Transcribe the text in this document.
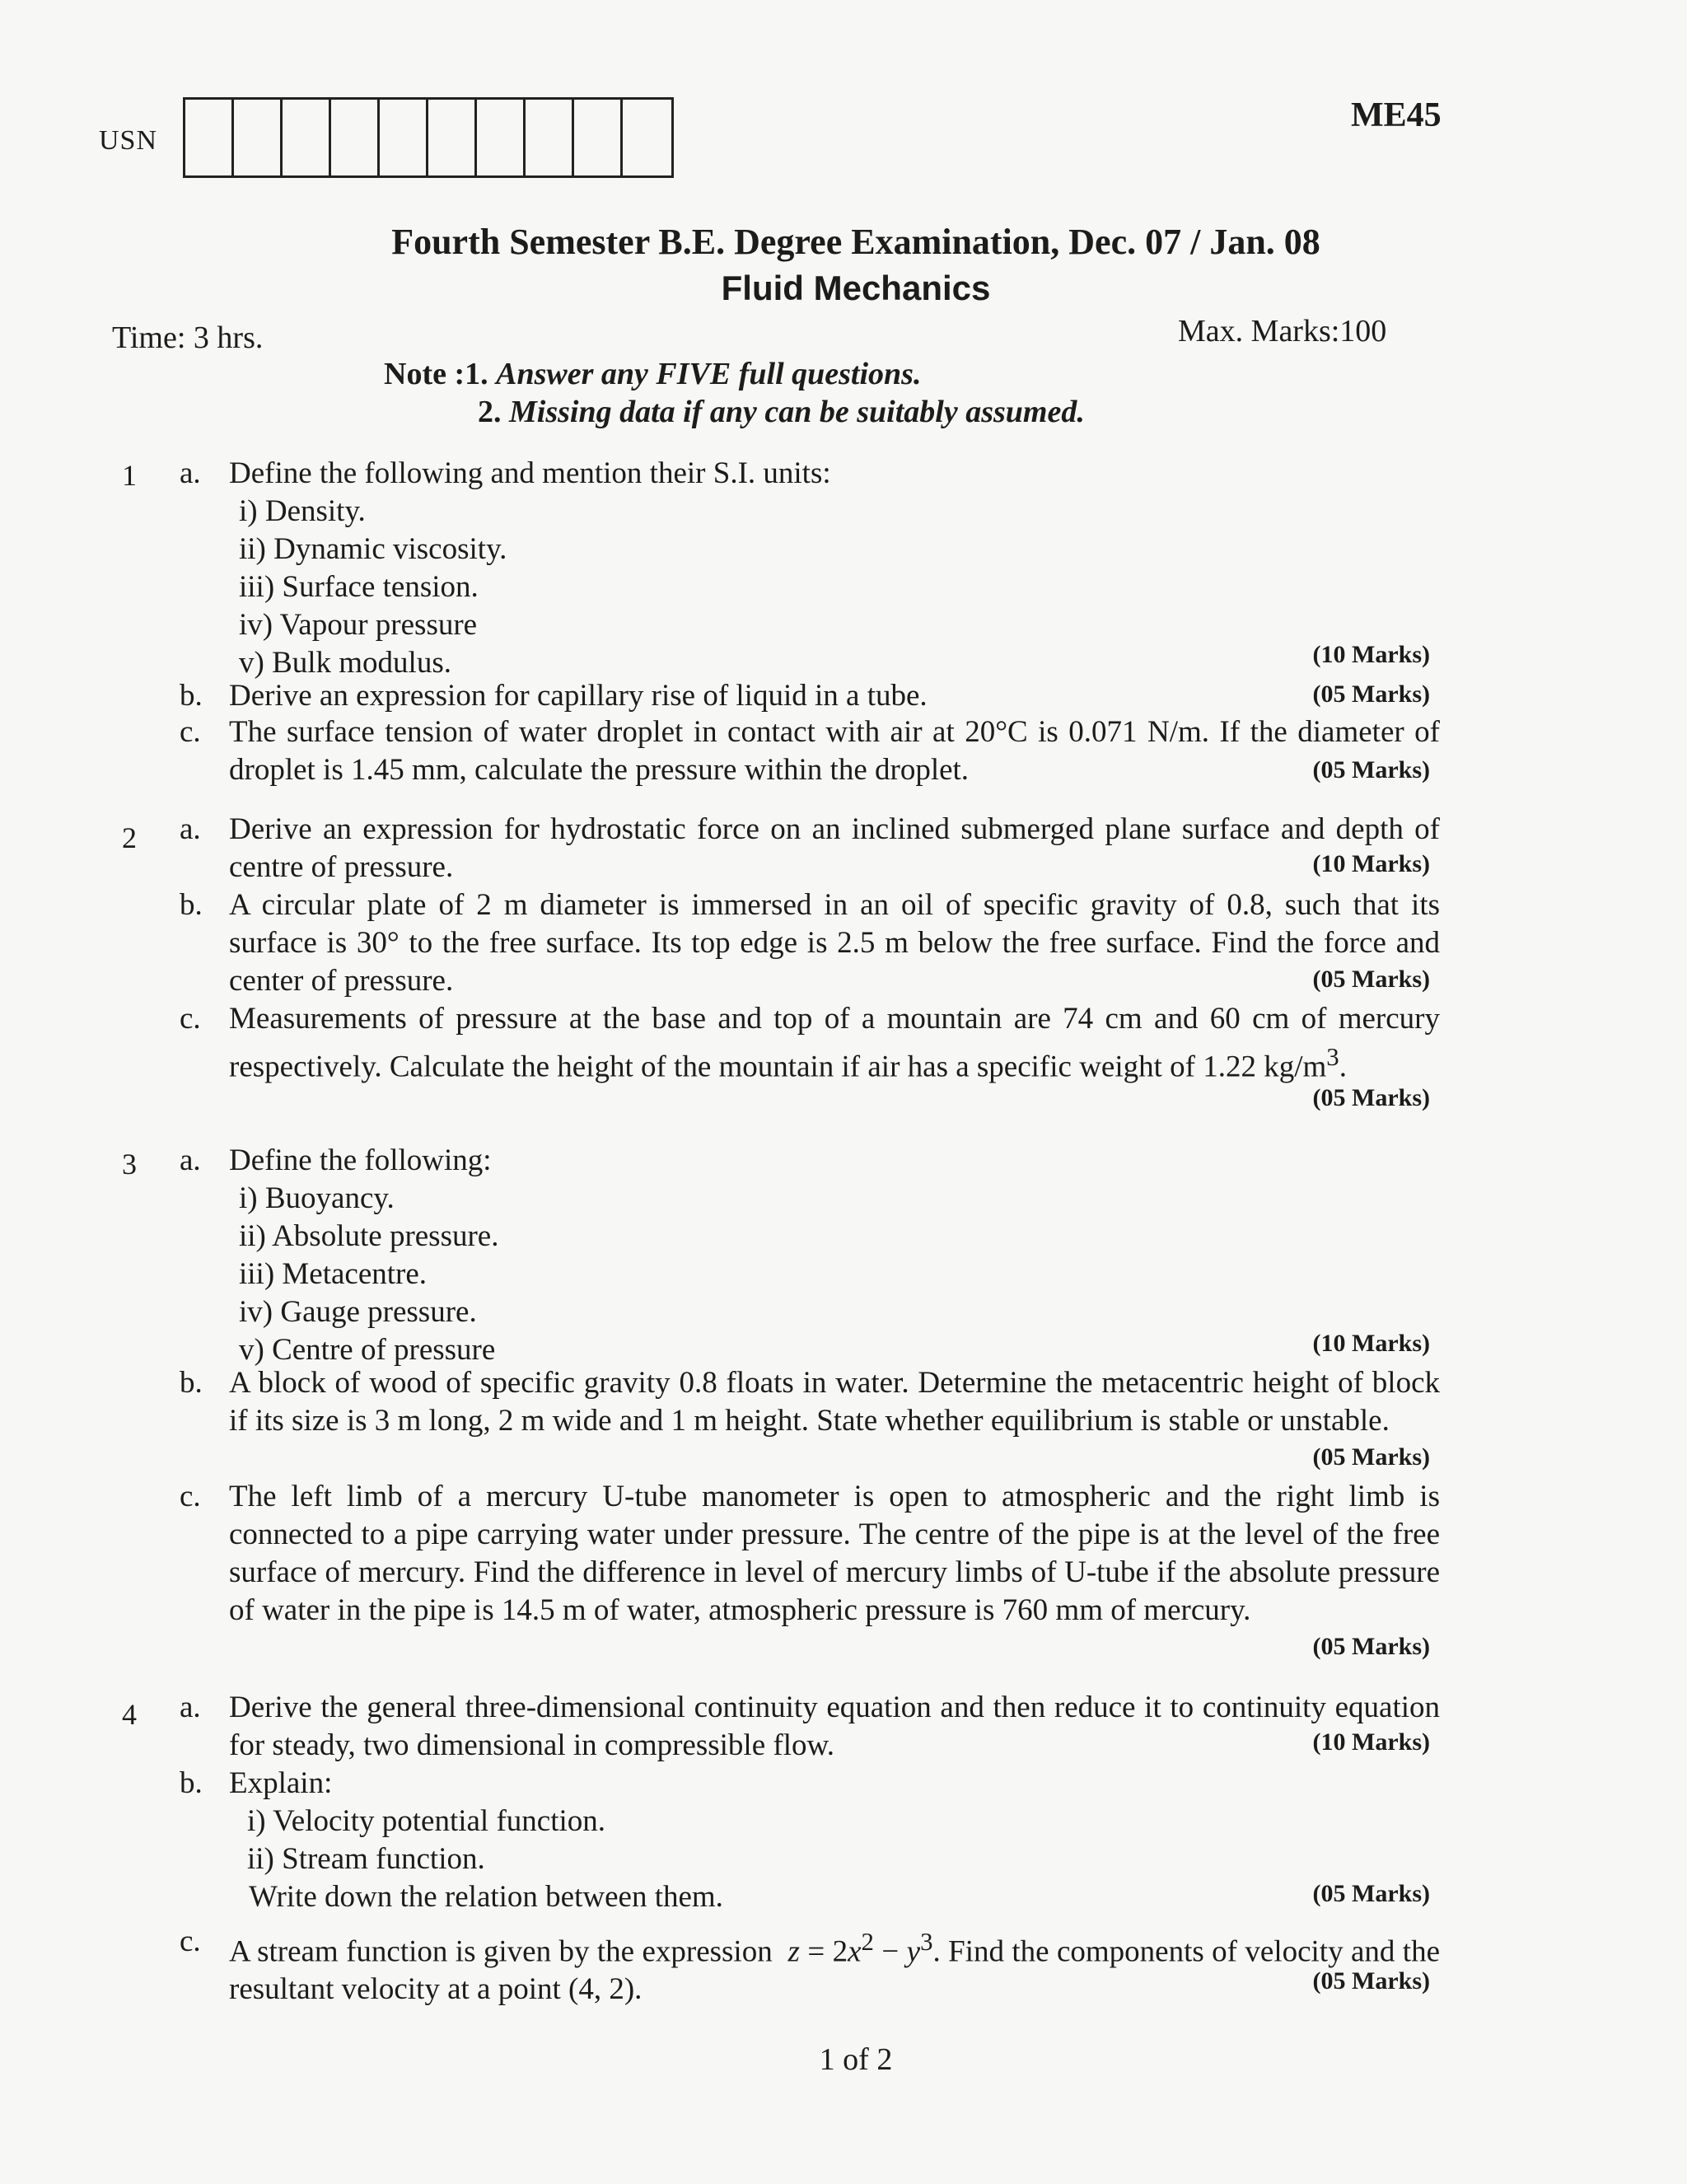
USN
ME45
Fourth Semester B.E. Degree Examination, Dec. 07 / Jan. 08
Fluid Mechanics
Time: 3 hrs.	Max. Marks:100
Note :1. Answer any FIVE full questions.
2. Missing data if any can be suitably assumed.
1 a. Define the following and mention their S.I. units:
i) Density.
ii) Dynamic viscosity.
iii) Surface tension.
iv) Vapour pressure
v) Bulk modulus.	(10 Marks)
b. Derive an expression for capillary rise of liquid in a tube.	(05 Marks)
c. The surface tension of water droplet in contact with air at 20°C is 0.071 N/m. If the diameter of droplet is 1.45 mm, calculate the pressure within the droplet.	(05 Marks)
2 a. Derive an expression for hydrostatic force on an inclined submerged plane surface and depth of centre of pressure.	(10 Marks)
b. A circular plate of 2 m diameter is immersed in an oil of specific gravity of 0.8, such that its surface is 30° to the free surface. Its top edge is 2.5 m below the free surface. Find the force and center of pressure.	(05 Marks)
c. Measurements of pressure at the base and top of a mountain are 74 cm and 60 cm of mercury respectively. Calculate the height of the mountain if air has a specific weight of 1.22 $kg/m^3$.
(05 Marks)
3 a. Define the following:
i) Buoyancy.
ii) Absolute pressure.
iii) Metacentre.
iv) Gauge pressure.
v) Centre of pressure	(10 Marks)
b. A block of wood of specific gravity 0.8 floats in water. Determine the metacentric height of block if its size is 3 m long, 2 m wide and 1 m height. State whether equilibrium is stable or unstable.
(05 Marks)
c. The left limb of a mercury U-tube manometer is open to atmospheric and the right limb is connected to a pipe carrying water under pressure. The centre of the pipe is at the level of the free surface of mercury. Find the difference in level of mercury limbs of U-tube if the absolute pressure of water in the pipe is 14.5 m of water, atmospheric pressure is 760 mm of mercury.
(05 Marks)
4 a. Derive the general three-dimensional continuity equation and then reduce it to continuity equation for steady, two dimensional in compressible flow.	(10 Marks)
b. Explain:
i) Velocity potential function.
ii) Stream function.
Write down the relation between them.	(05 Marks)
c. A stream function is given by the expression $z = 2x^2 - y^3$. Find the components of velocity and the resultant velocity at a point (4, 2).	(05 Marks)
1 of 2
